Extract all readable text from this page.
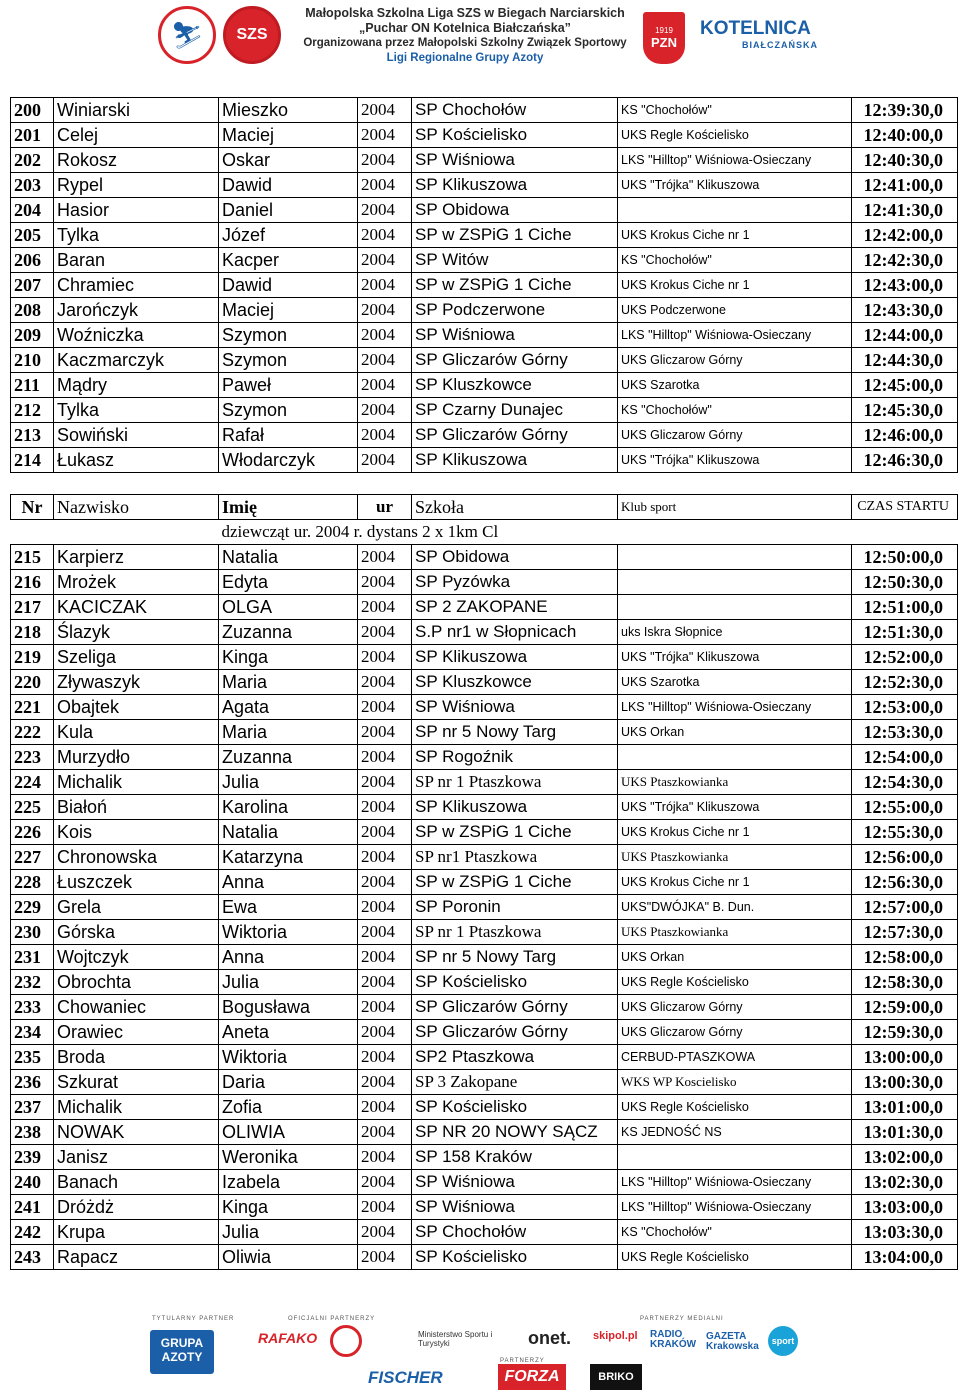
⛷ SZS
Małopolska Szkolna Liga SZS w Biegach Narciarskich
„Puchar ON Kotelnica Białczańska”
Organizowana przez Małopolski Szkolny Związek Sportowy
Ligi Regionalne Grupy Azoty
1919
PZN
KOTELNICA
BIAŁCZAŃSKA
200	Winiarski	Mieszko	2004	SP Chochołów	KS "Chochołów"	12:39:30,0
201	Celej	Maciej	2004	SP Kościelisko	UKS Regle Kościelisko	12:40:00,0
202	Rokosz	Oskar	2004	SP Wiśniowa	LKS "Hilltop" Wiśniowa-Osieczany	12:40:30,0
203	Rypel	Dawid	2004	SP Klikuszowa	UKS "Trójka" Klikuszowa	12:41:00,0
204	Hasior	Daniel	2004	SP Obidowa		12:41:30,0
205	Tylka	Józef	2004	SP w ZSPiG 1 Ciche	UKS Krokus Ciche nr 1	12:42:00,0
206	Baran	Kacper	2004	SP Witów	KS "Chochołów"	12:42:30,0
207	Chramiec	Dawid	2004	SP w ZSPiG 1 Ciche	UKS Krokus Ciche nr 1	12:43:00,0
208	Jarończyk	Maciej	2004	SP Podczerwone	UKS Podczerwone	12:43:30,0
209	Woźniczka	Szymon	2004	SP Wiśniowa	LKS "Hilltop" Wiśniowa-Osieczany	12:44:00,0
210	Kaczmarczyk	Szymon	2004	SP Gliczarów Górny	UKS Gliczarow Górny	12:44:30,0
211	Mądry	Paweł	2004	SP Kluszkowce	UKS Szarotka	12:45:00,0
212	Tylka	Szymon	2004	SP Czarny Dunajec	KS "Chochołów"	12:45:30,0
213	Sowiński	Rafał	2004	SP Gliczarów Górny	UKS Gliczarow Górny	12:46:00,0
214	Łukasz	Włodarczyk	2004	SP Klikuszowa	UKS "Trójka" Klikuszowa	12:46:30,0
Nr	Nazwisko	Imię	ur	Szkoła	Klub sport	CZAS STARTU
		dziewcząt ur. 2004 r. dystans 2 x 1km Cl				
215	Karpierz	Natalia	2004	SP Obidowa		12:50:00,0
216	Mrożek	Edyta	2004	SP Pyzówka		12:50:30,0
217	KACICZAK	OLGA	2004	SP 2 ZAKOPANE		12:51:00,0
218	Ślazyk	Zuzanna	2004	S.P nr1 w Słopnicach	uks Iskra Słopnice	12:51:30,0
219	Szeliga	Kinga	2004	SP Klikuszowa	UKS "Trójka" Klikuszowa	12:52:00,0
220	Zływaszyk	Maria	2004	SP Kluszkowce	UKS Szarotka	12:52:30,0
221	Obajtek	Agata	2004	SP Wiśniowa	LKS "Hilltop" Wiśniowa-Osieczany	12:53:00,0
222	Kula	Maria	2004	SP nr 5 Nowy Targ	UKS Orkan	12:53:30,0
223	Murzydło	Zuzanna	2004	SP Rogoźnik		12:54:00,0
224	Michalik	Julia	2004	SP nr 1 Ptaszkowa	UKS Ptaszkowianka	12:54:30,0
225	Białoń	Karolina	2004	SP Klikuszowa	UKS "Trójka" Klikuszowa	12:55:00,0
226	Kois	Natalia	2004	SP w ZSPiG 1 Ciche	UKS Krokus Ciche nr 1	12:55:30,0
227	Chronowska	Katarzyna	2004	SP nr1 Ptaszkowa	UKS Ptaszkowianka	12:56:00,0
228	Łuszczek	Anna	2004	SP w ZSPiG 1 Ciche	UKS Krokus Ciche nr 1	12:56:30,0
229	Grela	Ewa	2004	SP Poronin	UKS"DWÓJKA" B. Dun.	12:57:00,0
230	Górska	Wiktoria	2004	SP nr 1 Ptaszkowa	UKS Ptaszkowianka	12:57:30,0
231	Wojtczyk	Anna	2004	SP nr 5 Nowy Targ	UKS Orkan	12:58:00,0
232	Obrochta	Julia	2004	SP Kościelisko	UKS Regle Kościelisko	12:58:30,0
233	Chowaniec	Bogusława	2004	SP Gliczarów Górny	UKS Gliczarow Górny	12:59:00,0
234	Orawiec	Aneta	2004	SP Gliczarów Górny	UKS Gliczarow Górny	12:59:30,0
235	Broda	Wiktoria	2004	SP2 Ptaszkowa	CERBUD-PTASZKOWA	13:00:00,0
236	Szkurat	Daria	2004	SP 3 Zakopane	WKS WP Koscielisko	13:00:30,0
237	Michalik	Zofia	2004	SP Kościelisko	UKS Regle Kościelisko	13:01:00,0
238	NOWAK	OLIWIA	2004	SP NR 20 NOWY SĄCZ	KS JEDNOŚĆ NS	13:01:30,0
239	Janisz	Weronika	2004	SP 158 Kraków		13:02:00,0
240	Banach	Izabela	2004	SP Wiśniowa	LKS "Hilltop" Wiśniowa-Osieczany	13:02:30,0
241	Dróżdż	Kinga	2004	SP Wiśniowa	LKS "Hilltop" Wiśniowa-Osieczany	13:03:00,0
242	Krupa	Julia	2004	SP Chochołów	KS "Chochołów"	13:03:30,0
243	Rapacz	Oliwia	2004	SP Kościelisko	UKS Regle Kościelisko	13:04:00,0
TYTULARNY PARTNER	OFICJALNI PARTNERZY	PARTNERZY MEDIALNI
PARTNERZY
GRUPA AZOTY
RAFAKO	Ministerstwo Sportu i Turystyki	onet. skipol.pl RADIO KRAKÓW
GAZETA Krakowska	sport
FISCHER	FORZA	BRIKO
